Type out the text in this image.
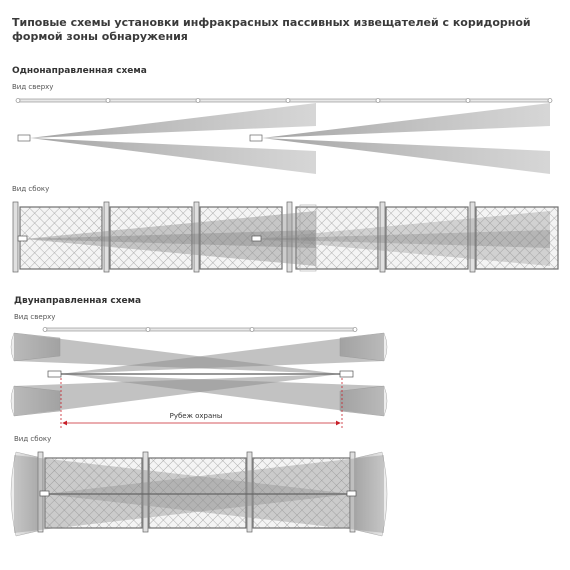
Типовые схемы установки инфракрасных пассивных извещателей с коридорной формой зоны обнаружения
Однонаправленная схема
Вид сверху
Вид сбоку
Двунаправленная схема
Вид сверху
Вид сбоку
Рубеж охраны
